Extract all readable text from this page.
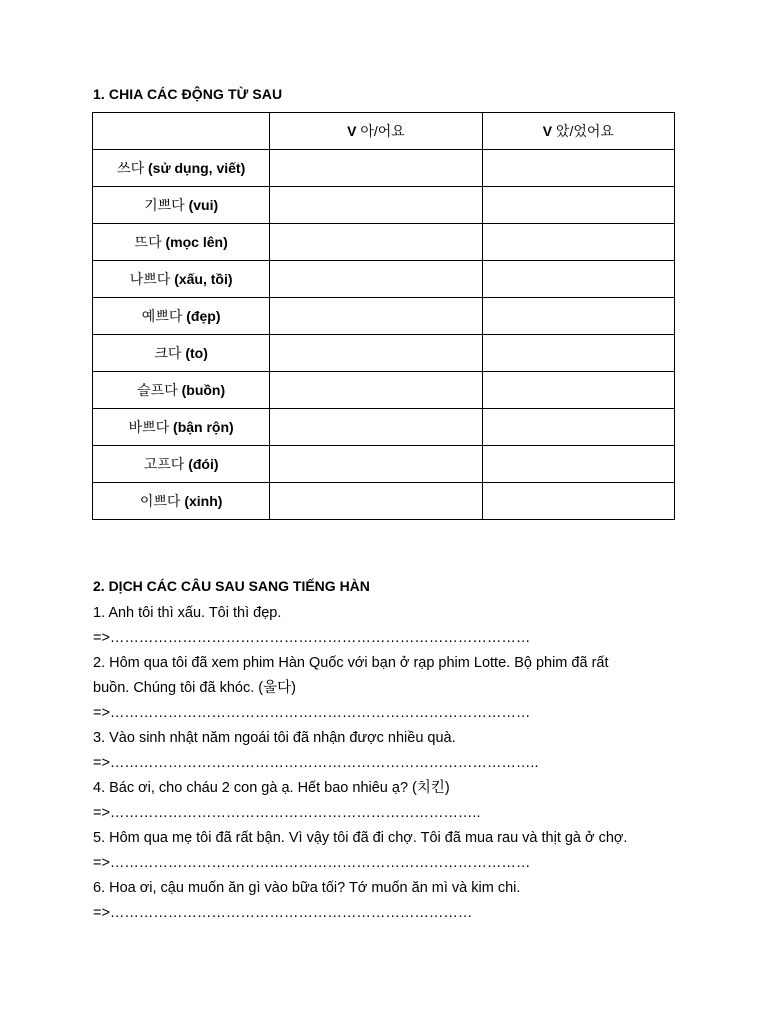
1. CHIA CÁC ĐỘNG TỪ SAU
	V 아/어요	V 았/었어요
쓰다 (sử dụng, viết)		
기쁘다 (vui)		
뜨다 (mọc lên)		
나쁘다 (xấu, tồi)		
예쁘다 (đẹp)		
크다 (to)		
슬프다 (buồn)		
바쁘다 (bận rộn)		
고프다 (đói)		
이쁘다 (xinh)		
2. DỊCH CÁC CÂU SAU SANG TIẾNG HÀN
1. Anh tôi thì xấu. Tôi thì đẹp.
=>……………………………………………………………………………
2. Hôm qua tôi đã xem phim Hàn Quốc với bạn ở rạp phim Lotte. Bộ phim đã rất
buồn. Chúng tôi đã khóc. (울다)
=>……………………………………………………………………………
3. Vào sinh nhật năm ngoái tôi đã nhận được nhiều quà.
=>……………………………………………………………………………..
4. Bác ơi, cho cháu 2 con gà ạ. Hết bao nhiêu ạ? (치킨)
=>…………………………………………………………………..
5. Hôm qua mẹ tôi đã rất bận. Vì vậy tôi đã đi chợ. Tôi đã mua rau và thịt gà ở chợ.
=>……………………………………………………………………………
6. Hoa ơi, cậu muốn ăn gì vào bữa tối? Tớ muốn ăn mì và kim chi.
=>…………………………………………………………………
